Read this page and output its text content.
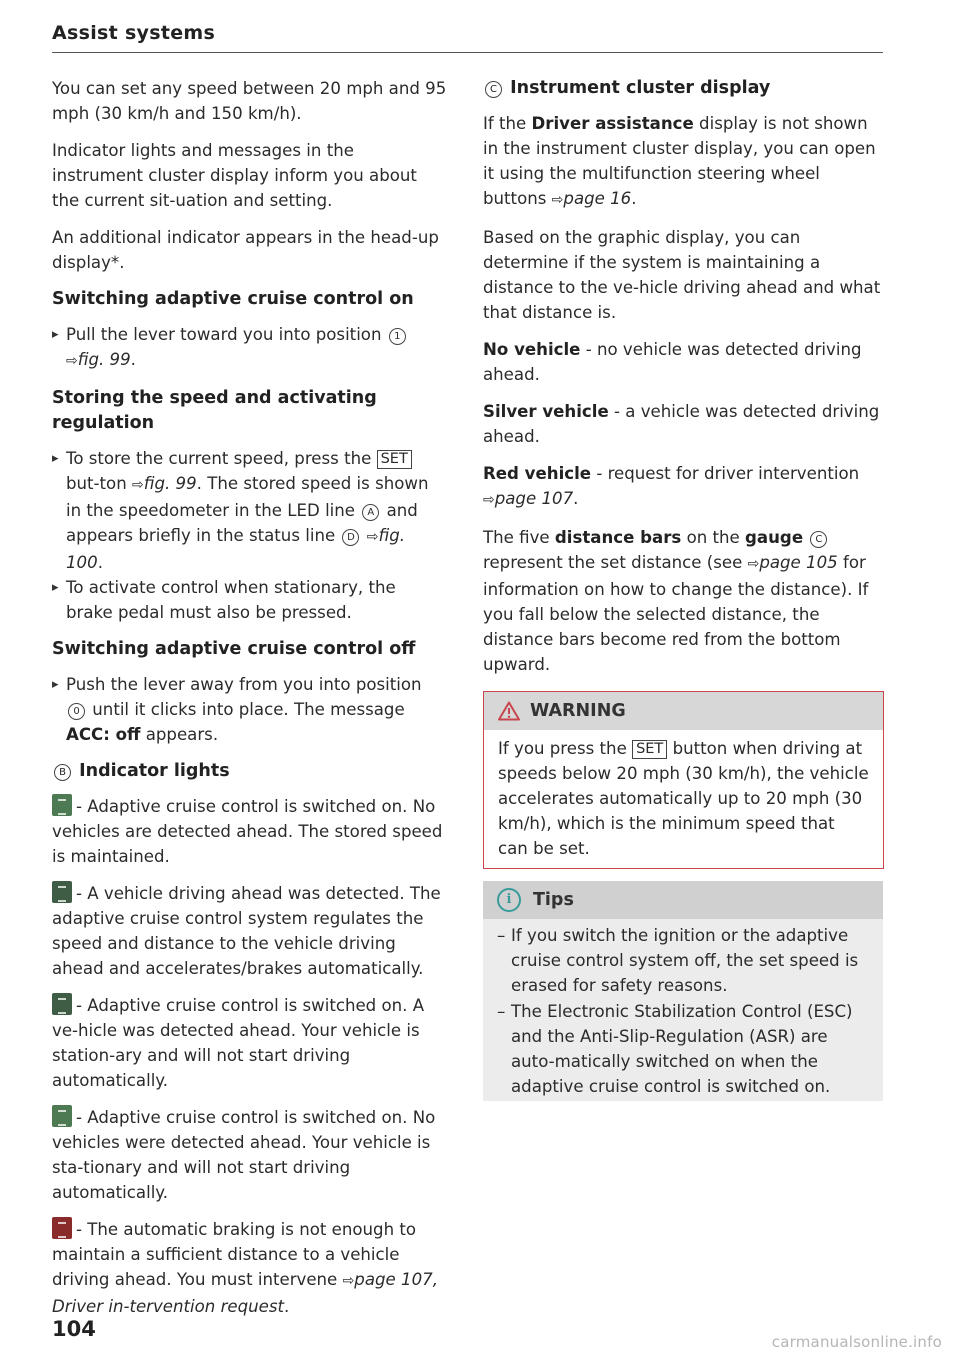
Assist systems

You can set any speed between 20 mph and 95 mph (30 km/h and 150 km/h).

Indicator lights and messages in the instrument cluster display inform you about the current sit-uation and setting.

An additional indicator appears in the head-up display*.

Switching adaptive cruise control on
▸ Pull the lever toward you into position 1 ⇨fig. 99.
Storing the speed and activating regulation
▸ To store the current speed, press the SET but-ton ⇨fig. 99. The stored speed is shown in the speedometer in the LED line A and appears briefly in the status line D ⇨fig. 100.
▸ To activate control when stationary, the brake pedal must also be pressed.
Switching adaptive cruise control off
▸ Push the lever away from you into position 0 until it clicks into place. The message ACC: off appears.
B Indicator lights

- Adaptive cruise control is switched on. No vehicles are detected ahead. The stored speed is maintained.

- A vehicle driving ahead was detected. The adaptive cruise control system regulates the speed and distance to the vehicle driving ahead and accelerates/brakes automatically.

- Adaptive cruise control is switched on. A ve-hicle was detected ahead. Your vehicle is station-ary and will not start driving automatically.

- Adaptive cruise control is switched on. No vehicles were detected ahead. Your vehicle is sta-tionary and will not start driving automatically.

- The automatic braking is not enough to maintain a sufficient distance to a vehicle driving ahead. You must intervene ⇨page 107, Driver in-tervention request.

C Instrument cluster display

If the Driver assistance display is not shown in the instrument cluster display, you can open it using the multifunction steering wheel buttons ⇨page 16.

Based on the graphic display, you can determine if the system is maintaining a distance to the ve-hicle driving ahead and what that distance is.

No vehicle - no vehicle was detected driving ahead.

Silver vehicle - a vehicle was detected driving ahead.

Red vehicle - request for driver intervention ⇨page 107.

The five distance bars on the gauge C represent the set distance (see ⇨page 105 for information on how to change the distance). If you fall below the selected distance, the distance bars become red from the bottom upward.

WARNING
If you press the SET button when driving at speeds below 20 mph (30 km/h), the vehicle accelerates automatically up to 20 mph (30 km/h), which is the minimum speed that can be set.
i	Tips
– If you switch the ignition or the adaptive cruise control system off, the set speed is erased for safety reasons.
– The Electronic Stabilization Control (ESC) and the Anti-Slip-Regulation (ASR) are auto-matically switched on when the adaptive cruise control is switched on.
104
carmanualsonline.info
